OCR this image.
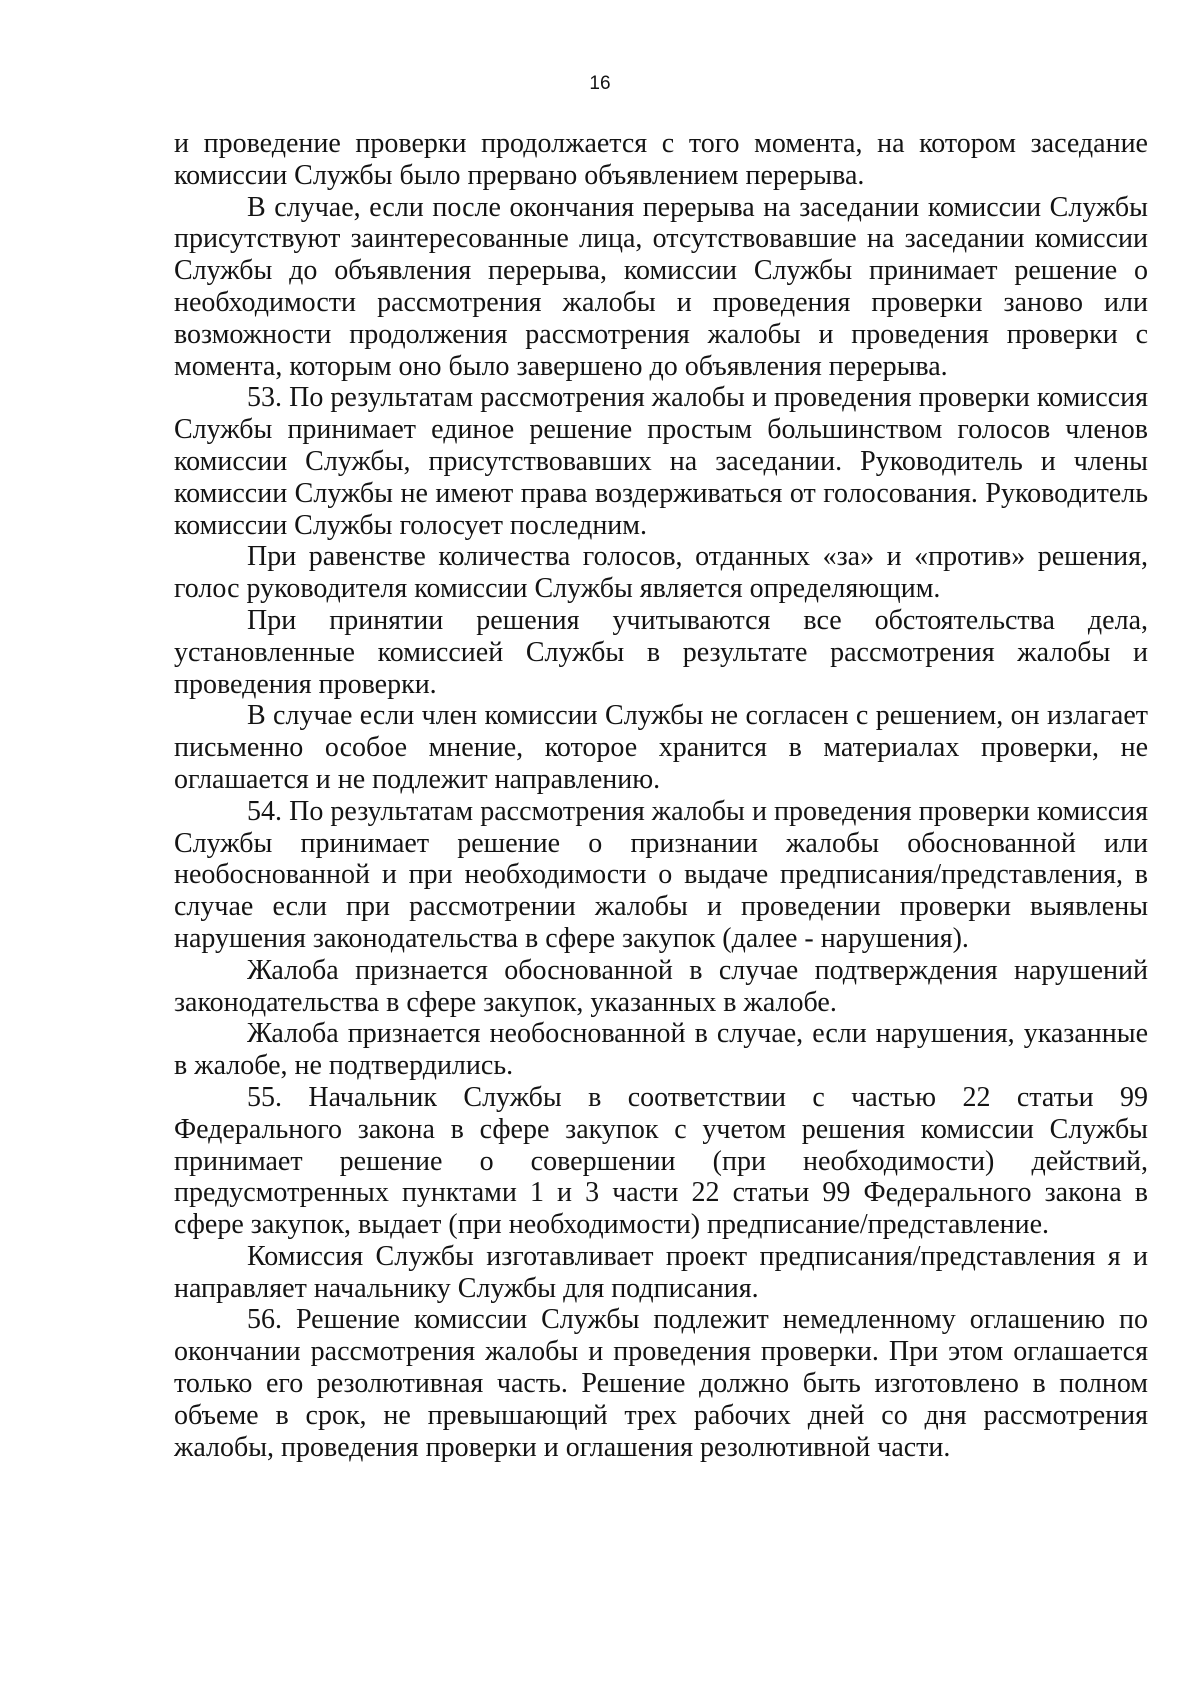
16

и проведение проверки продолжается с того момента, на котором заседание комиссии Службы было прервано объявлением перерыва.

В случае, если после окончания перерыва на заседании комиссии Службы присутствуют заинтересованные лица, отсутствовавшие на заседании комиссии Службы до объявления перерыва, комиссии Службы принимает решение о необходимости рассмотрения жалобы и проведения проверки заново или возможности продолжения рассмотрения жалобы и проведения проверки с момента, которым оно было завершено до объявления перерыва.

53. По результатам рассмотрения жалобы и проведения проверки комиссия Службы принимает единое решение простым большинством голосов членов комиссии Службы, присутствовавших на заседании. Руководитель и члены комиссии Службы не имеют права воздерживаться от голосования. Руководитель комиссии Службы голосует последним.

При равенстве количества голосов, отданных «за» и «против» решения, голос руководителя комиссии Службы является определяющим.

При принятии решения учитываются все обстоятельства дела, установленные комиссией Службы в результате рассмотрения жалобы и проведения проверки.

В случае если член комиссии Службы не согласен с решением, он излагает письменно особое мнение, которое хранится в материалах проверки, не оглашается и не подлежит направлению.

54. По результатам рассмотрения жалобы и проведения проверки комиссия Службы принимает решение о признании жалобы обоснованной или необоснованной и при необходимости о выдаче предписания/представления, в случае если при рассмотрении жалобы и проведении проверки выявлены нарушения законодательства в сфере закупок (далее - нарушения).

Жалоба признается обоснованной в случае подтверждения нарушений законодательства в сфере закупок, указанных в жалобе.

Жалоба признается необоснованной в случае, если нарушения, указанные в жалобе, не подтвердились.

55. Начальник Службы в соответствии с частью 22 статьи 99 Федерального закона в сфере закупок с учетом решения комиссии Службы принимает решение о совершении (при необходимости) действий, предусмотренных пунктами 1 и 3 части 22 статьи 99 Федерального закона в сфере закупок, выдает (при необходимости) предписание/представление.

Комиссия Службы изготавливает проект предписания/представления я и направляет начальнику Службы для подписания.

56. Решение комиссии Службы подлежит немедленному оглашению по окончании рассмотрения жалобы и проведения проверки. При этом оглашается только его резолютивная часть. Решение должно быть изготовлено в полном объеме в срок, не превышающий трех рабочих дней со дня рассмотрения жалобы, проведения проверки и оглашения резолютивной части.
